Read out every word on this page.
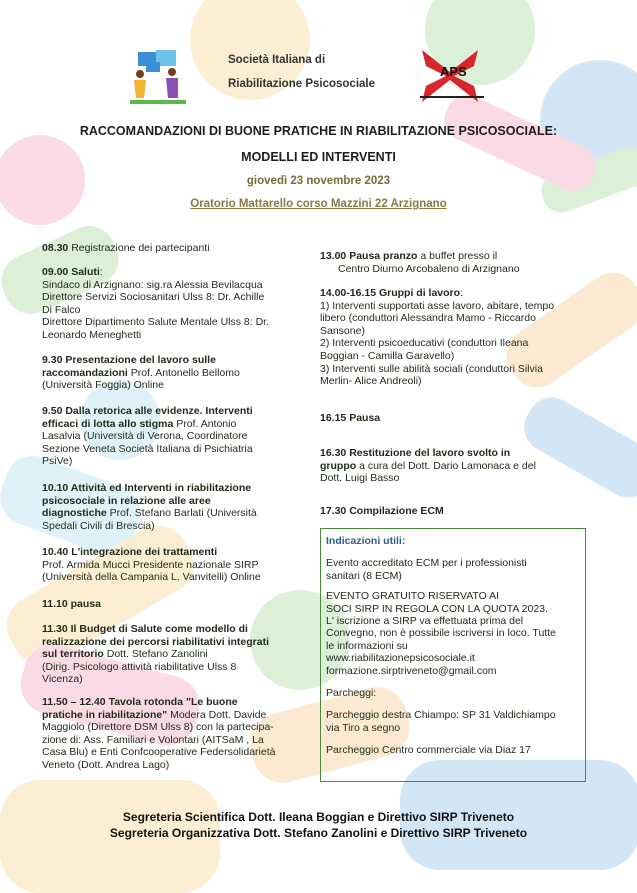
APS
Società Italiana di
Riabilitazione Psicosociale
RACCOMANDAZIONI DI BUONE PRATICHE IN RIABILITAZIONE PSICOSOCIALE:
MODELLI ED INTERVENTI
giovedì 23 novembre 2023
Oratorio Mattarello corso Mazzini 22 Arzignano

08.30 Registrazione dei partecipanti

09.00 Saluti:

Sindaco di Arzignano: sig.ra Alessia Bevilacqua

Direttore Servizi Sociosanitari Ulss 8: Dr. Achille

Di Falco

Direttore Dipartimento Salute Mentale Ulss 8: Dr.

Leonardo Meneghetti

9.30 Presentazione del lavoro sulle

raccomandazioni Prof. Antonello Bellomo

(Università Foggia) Online

9.50 Dalla retorica alle evidenze. Interventi

efficaci di lotta allo stigma Prof. Antonio

Lasalvia (Università di Verona, Coordinatore

Sezione Veneta Società Italiana di Psichiatria

PsiVe)

10.10 Attività ed Interventi in riabilitazione

psicosociale in relazione alle aree

diagnostiche Prof. Stefano Barlati (Università

Spedali Civili di Brescia)

10.40 L'integrazione dei trattamenti

Prof. Armida Mucci Presidente nazionale SIRP

(Università della Campania L. Vanvitelli) Online

11.10 pausa

11.30 Il Budget di Salute come modello di

realizzazione dei percorsi riabilitativi integrati

sul territorio Dott. Stefano Zanolini

(Dirig. Psicologo attività riabilitative Ulss 8

Vicenza)

11.50 – 12.40 Tavola rotonda "Le buone

pratiche in riabilitazione" Modera Dott. Davide

Maggiolo (Direttore DSM Ulss 8) con la partecipa-

zione di: Ass. Familiari e Volontari (AITSaM , La

Casa Blu) e Enti Confcooperative Federsolidarietà

Veneto (Dott. Andrea Lago)

13.00 Pausa pranzo a buffet presso il

Centro Diurno Arcobaleno di Arzignano

14.00-16.15 Gruppi di lavoro:

1) Interventi supportati asse lavoro, abitare, tempo

libero (conduttori Alessandra Mamo - Riccardo

Sansone)

2) Interventi psicoeducativi (conduttori Ileana

Boggian - Camilla Garavello)

3) Interventi sulle abilità sociali (conduttori Silvia

Merlin- Alice Andreoli)

16.15 Pausa

16.30 Restituzione del lavoro svolto in

gruppo a cura del Dott. Dario Lamonaca e del

Dott. Luigi Basso

17.30 Compilazione ECM

Indicazioni utili:

Evento accreditato ECM per i professionisti

sanitari (8 ECM)

EVENTO GRATUITO RISERVATO AI

SOCI SIRP IN REGOLA CON LA QUOTA 2023.

L' iscrizione a SIRP va effettuata prima del

Convegno, non è possibile iscriversi in loco. Tutte

le informazioni su

www.riabilitazionepsicosociale.it

formazione.sirptriveneto@gmail.com

Parcheggi:

Parcheggio destra Chiampo: SP 31 Valdichiampo

via Tiro a segno

Parcheggio Centro commerciale via Diaz 17

Segreteria Scientifica Dott. Ileana Boggian e Direttivo SIRP Triveneto
Segreteria Organizzativa Dott. Stefano Zanolini e Direttivo SIRP Triveneto
